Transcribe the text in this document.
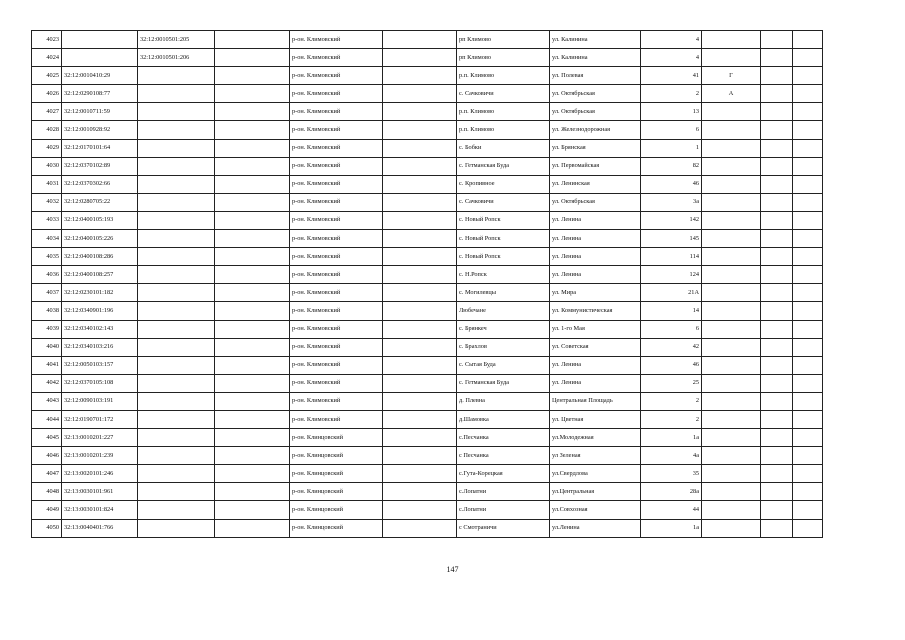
4023		32:12:0010501:205		р-он. Климовский		рп Климово	ул. Калинина	4			
4024		32:12:0010501:206		р-он. Климовский		рп Климово	ул. Калинина	4			
4025	32:12:0010410:29			р-он. Климовский		р.п. Климово	ул. Полевая	41	Г		
4026	32:12:0290108:77			р-он. Климовский		с. Сачковичи	ул. Октябрьская	2	А		
4027	32:12:0010711:59			р-он. Климовский		р.п. Климово	ул. Октябрьская	13			
4028	32:12:0010928:92			р-он. Климовский		р.п. Климово	ул. Железнодорожная	6			
4029	32:12:0170101:64			р-он. Климовский		с. Бобки	ул. Брянская	1			
4030	32:12:0370102:89			р-он. Климовский		с. Гетманская Буда	ул. Первомайская	82			
4031	32:12:0370302:66			р-он. Климовский		с. Кропивное	ул. Ленинская	46			
4032	32:12:0280705:22			р-он. Климовский		с. Сачковичи	ул. Октябрьская	3а			
4033	32:12:0400105:193			р-он. Климовский		с. Новый Ропск	ул. Ленина	142			
4034	32:12:0400105:226			р-он. Климовский		с. Новый Ропск	ул. Ленина	145			
4035	32:12:0400108:286			р-он. Климовский		с. Новый Ропск	ул. Ленина	114			
4036	32:12:0400108:257			р-он. Климовский		с. Н.Ропск	ул. Ленина	124			
4037	32:12:0230101:182			р-он. Климовский		с. Могилевцы	ул. Мира	21А			
4038	32:12:0340901:196			р-он. Климовский		Любечане	ул. Коммунистическая	14			
4039	32:12:0340102:143			р-он. Климовский		с. Брянкеч	ул. 1-го Мая	6			
4040	32:12:0340103:216			р-он. Климовский		с. Брахлов	ул. Советская	42			
4041	32:12:0050103:157			р-он. Климовский		с. Сытая Буда	ул. Ленина	46			
4042	32:12:0370105:108			р-он. Климовский		с. Гетманская Буда	ул. Ленина	25			
4043	32:12:0090103:191			р-он. Климовский		д. Плевна	Центральная Площадь	2			
4044	32:12:0190701:172			р-он. Климовский		д.Шамовка	ул. Цветная	2			
4045	32:13:0010201:227			р-он. Клинцовский		с.Песчанка	ул.Молодежная	1а			
4046	32:13:0010201:239			р-он. Клинцовский		с Песчанка	ул Зеленая	4а			
4047	32:13:0020101:246			р-он. Клинцовский		с.Гута-Корецкая	ул.Свердлова	35			
4048	32:13:0030101:961			р-он. Клинцовский		с.Лопатни	ул.Центральная	28а			
4049	32:13:0030101:824			р-он. Клинцовский		с.Лопатни	ул.Совхозная	44			
4050	32:13:0040401:766			р-он. Клинцовский		с Смотраничи	ул.Ленина	1а			
147
